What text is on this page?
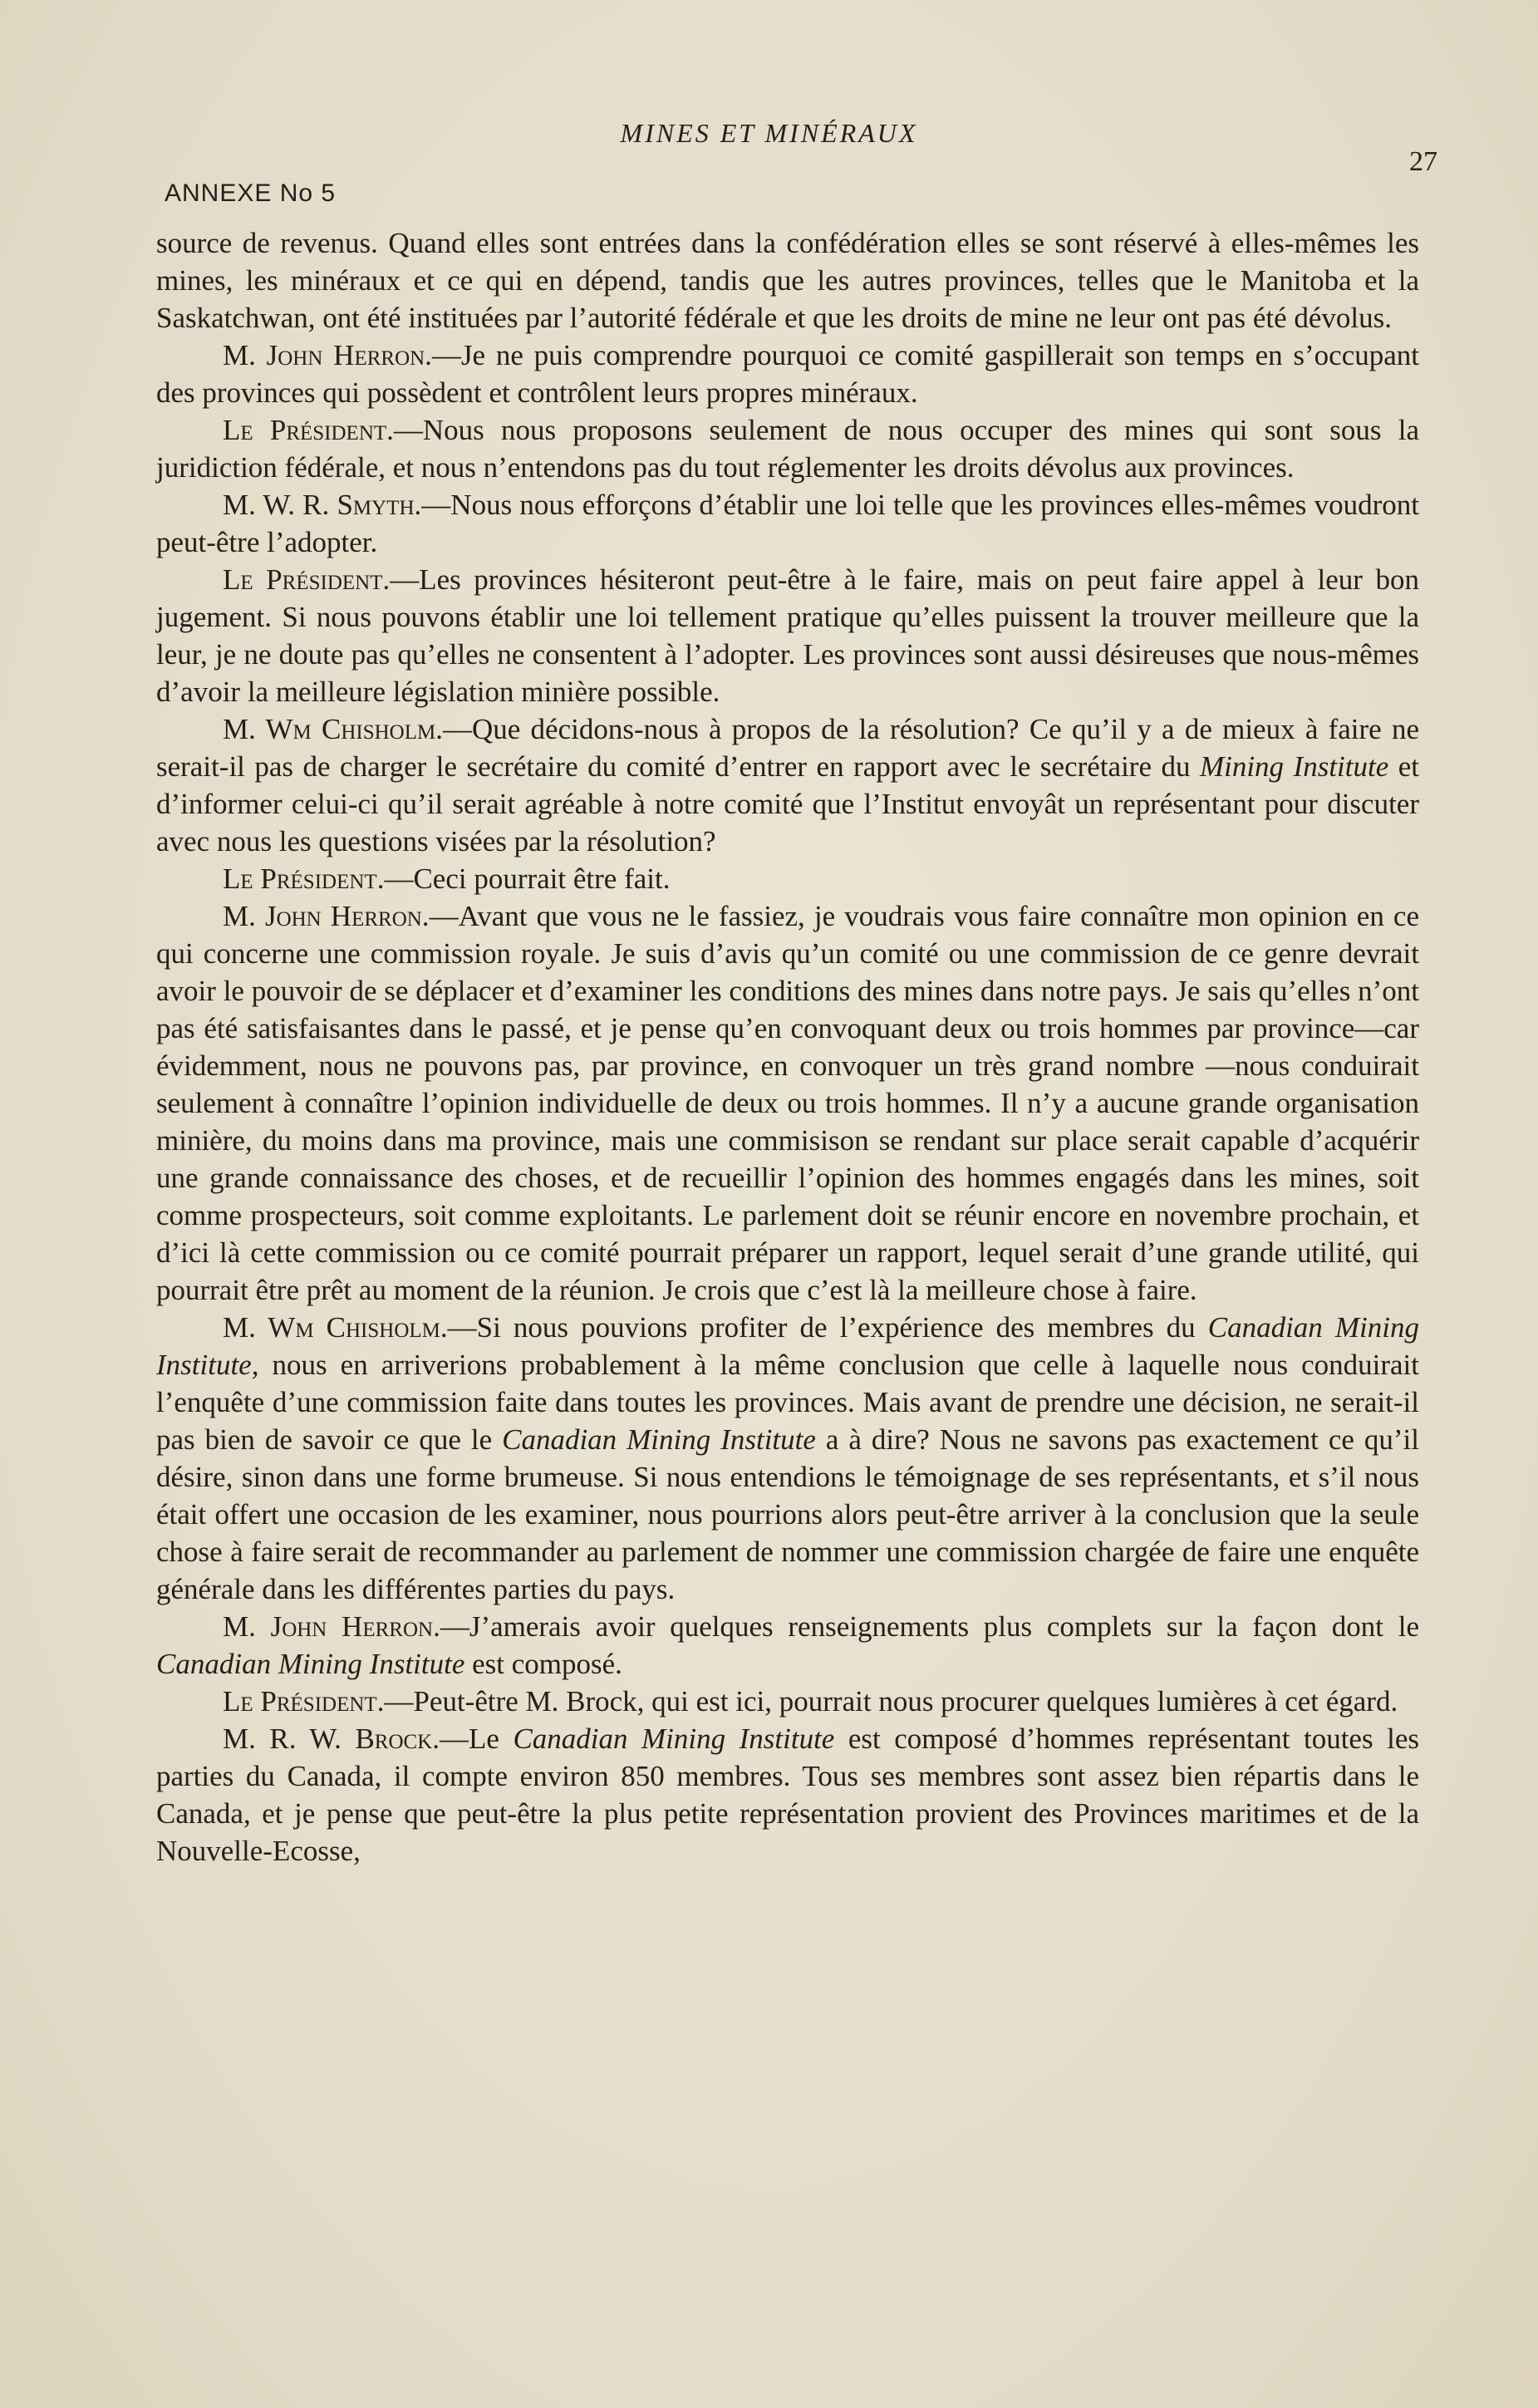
MINES ET MINÉRAUX
27
ANNEXE No 5

source de revenus. Quand elles sont entrées dans la confédération elles se sont réservé à elles-mêmes les mines, les minéraux et ce qui en dépend, tandis que les autres provinces, telles que le Manitoba et la Saskatchwan, ont été instituées par l’autorité fédérale et que les droits de mine ne leur ont pas été dévolus.

M. John Herron.—Je ne puis comprendre pourquoi ce comité gaspillerait son temps en s’occupant des provinces qui possèdent et contrôlent leurs propres minéraux.

Le Président.—Nous nous proposons seulement de nous occuper des mines qui sont sous la juridiction fédérale, et nous n’entendons pas du tout réglementer les droits dévolus aux provinces.

M. W. R. Smyth.—Nous nous efforçons d’établir une loi telle que les provinces elles-mêmes voudront peut-être l’adopter.

Le Président.—Les provinces hésiteront peut-être à le faire, mais on peut faire appel à leur bon jugement. Si nous pouvons établir une loi tellement pratique qu’elles puissent la trouver meilleure que la leur, je ne doute pas qu’elles ne consentent à l’adopter. Les provinces sont aussi désireuses que nous-mêmes d’avoir la meilleure législation minière possible.

M. Wm Chisholm.—Que décidons-nous à propos de la résolution? Ce qu’il y a de mieux à faire ne serait-il pas de charger le secrétaire du comité d’entrer en rapport avec le secrétaire du Mining Institute et d’informer celui-ci qu’il serait agréable à notre comité que l’Institut envoyât un représentant pour discuter avec nous les questions visées par la résolution?

Le Président.—Ceci pourrait être fait.

M. John Herron.—Avant que vous ne le fassiez, je voudrais vous faire connaître mon opinion en ce qui concerne une commission royale. Je suis d’avis qu’un comité ou une commission de ce genre devrait avoir le pouvoir de se déplacer et d’examiner les conditions des mines dans notre pays. Je sais qu’elles n’ont pas été satisfaisantes dans le passé, et je pense qu’en convoquant deux ou trois hommes par province—car évidemment, nous ne pouvons pas, par province, en convoquer un très grand nombre —nous conduirait seulement à connaître l’opinion individuelle de deux ou trois hommes. Il n’y a aucune grande organisation minière, du moins dans ma province, mais une commisison se rendant sur place serait capable d’acquérir une grande connaissance des choses, et de recueillir l’opinion des hommes engagés dans les mines, soit comme prospecteurs, soit comme exploitants. Le parlement doit se réunir encore en novembre prochain, et d’ici là cette commission ou ce comité pourrait préparer un rapport, lequel serait d’une grande utilité, qui pourrait être prêt au moment de la réunion. Je crois que c’est là la meilleure chose à faire.

M. Wm Chisholm.—Si nous pouvions profiter de l’expérience des membres du Canadian Mining Institute, nous en arriverions probablement à la même conclusion que celle à laquelle nous conduirait l’enquête d’une commission faite dans toutes les provinces. Mais avant de prendre une décision, ne serait-il pas bien de savoir ce que le Canadian Mining Institute a à dire? Nous ne savons pas exactement ce qu’il désire, sinon dans une forme brumeuse. Si nous entendions le témoignage de ses représentants, et s’il nous était offert une occasion de les examiner, nous pourrions alors peut-être arriver à la conclusion que la seule chose à faire serait de recommander au parlement de nommer une commission chargée de faire une enquête générale dans les différentes parties du pays.

M. John Herron.—J’amerais avoir quelques renseignements plus complets sur la façon dont le Canadian Mining Institute est composé.

Le Président.—Peut-être M. Brock, qui est ici, pourrait nous procurer quelques lumières à cet égard.

M. R. W. Brock.—Le Canadian Mining Institute est composé d’hommes représentant toutes les parties du Canada, il compte environ 850 membres. Tous ses membres sont assez bien répartis dans le Canada, et je pense que peut-être la plus petite représentation provient des Provinces maritimes et de la Nouvelle-Ecosse,
